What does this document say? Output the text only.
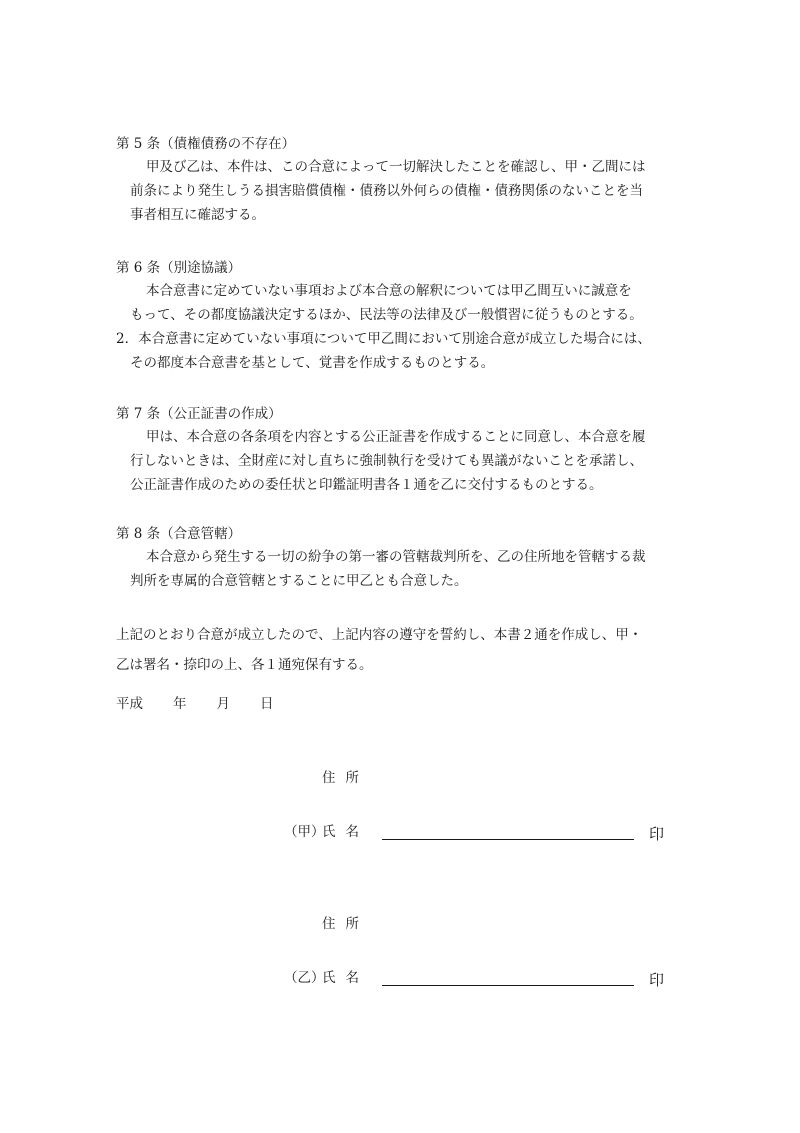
第 5 条（債権債務の不存在）
甲及び乙は、本件は、この合意によって一切解決したことを確認し、甲・乙間には
前条により発生しうる損害賠償債権・債務以外何らの債権・債務関係のないことを当
事者相互に確認する。
第 6 条（別途協議）
本合意書に定めていない事項および本合意の解釈については甲乙間互いに誠意を
もって、その都度協議決定するほか、民法等の法律及び一般慣習に従うものとする。
2．本合意書に定めていない事項について甲乙間において別途合意が成立した場合には、
その都度本合意書を基として、覚書を作成するものとする。
第 7 条（公正証書の作成）
甲は、本合意の各条項を内容とする公正証書を作成することに同意し、本合意を履
行しないときは、全財産に対し直ちに強制執行を受けても異議がないことを承諾し、
公正証書作成のための委任状と印鑑証明書各１通を乙に交付するものとする。
第 8 条（合意管轄）
本合意から発生する一切の紛争の第一審の管轄裁判所を、乙の住所地を管轄する裁
判所を専属的合意管轄とすることに甲乙とも合意した。
上記のとおり合意が成立したので、上記内容の遵守を誓約し、本書２通を作成し、甲・
乙は署名・捺印の上、各１通宛保有する。
平成 年 月 日
住所
（甲）
氏名	印
住所
（乙）
氏名	印
